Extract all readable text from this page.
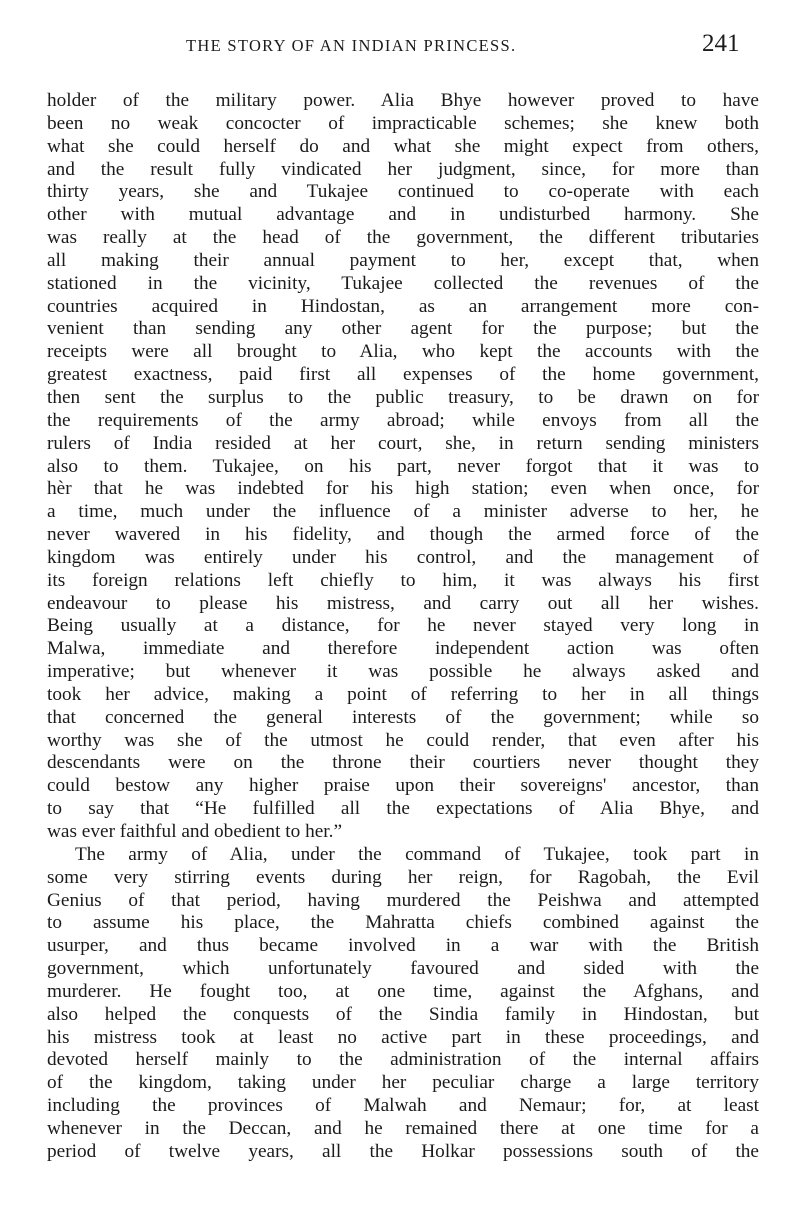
THE STORY OF AN INDIAN PRINCESS.	241
holder of the military power. Alia Bhye however proved to have
been no weak concocter of impracticable schemes; she knew both
what she could herself do and what she might expect from others,
and the result fully vindicated her judgment, since, for more than
thirty years, she and Tukajee continued to co-operate with each
other with mutual advantage and in undisturbed harmony. She
was really at the head of the government, the different tributaries
all making their annual payment to her, except that, when
stationed in the vicinity, Tukajee collected the revenues of the
countries acquired in Hindostan, as an arrangement more con-
venient than sending any other agent for the purpose; but the
receipts were all brought to Alia, who kept the accounts with the
greatest exactness, paid first all expenses of the home government,
then sent the surplus to the public treasury, to be drawn on for
the requirements of the army abroad; while envoys from all the
rulers of India resided at her court, she, in return sending ministers
also to them. Tukajee, on his part, never forgot that it was to
hèr that he was indebted for his high station; even when once, for
a time, much under the influence of a minister adverse to her, he
never wavered in his fidelity, and though the armed force of the
kingdom was entirely under his control, and the management of
its foreign relations left chiefly to him, it was always his first
endeavour to please his mistress, and carry out all her wishes.
Being usually at a distance, for he never stayed very long in
Malwa, immediate and therefore independent action was often
imperative; but whenever it was possible he always asked and
took her advice, making a point of referring to her in all things
that concerned the general interests of the government; while so
worthy was she of the utmost he could render, that even after his
descendants were on the throne their courtiers never thought they
could bestow any higher praise upon their sovereigns' ancestor, than
to say that “He fulfilled all the expectations of Alia Bhye, and
was ever faithful and obedient to her.”
The army of Alia, under the command of Tukajee, took part in
some very stirring events during her reign, for Ragobah, the Evil
Genius of that period, having murdered the Peishwa and attempted
to assume his place, the Mahratta chiefs combined against the
usurper, and thus became involved in a war with the British
government, which unfortunately favoured and sided with the
murderer. He fought too, at one time, against the Afghans, and
also helped the conquests of the Sindia family in Hindostan, but
his mistress took at least no active part in these proceedings, and
devoted herself mainly to the administration of the internal affairs
of the kingdom, taking under her peculiar charge a large territory
including the provinces of Malwah and Nemaur; for, at least
whenever in the Deccan, and he remained there at one time for a
period of twelve years, all the Holkar possessions south of the
